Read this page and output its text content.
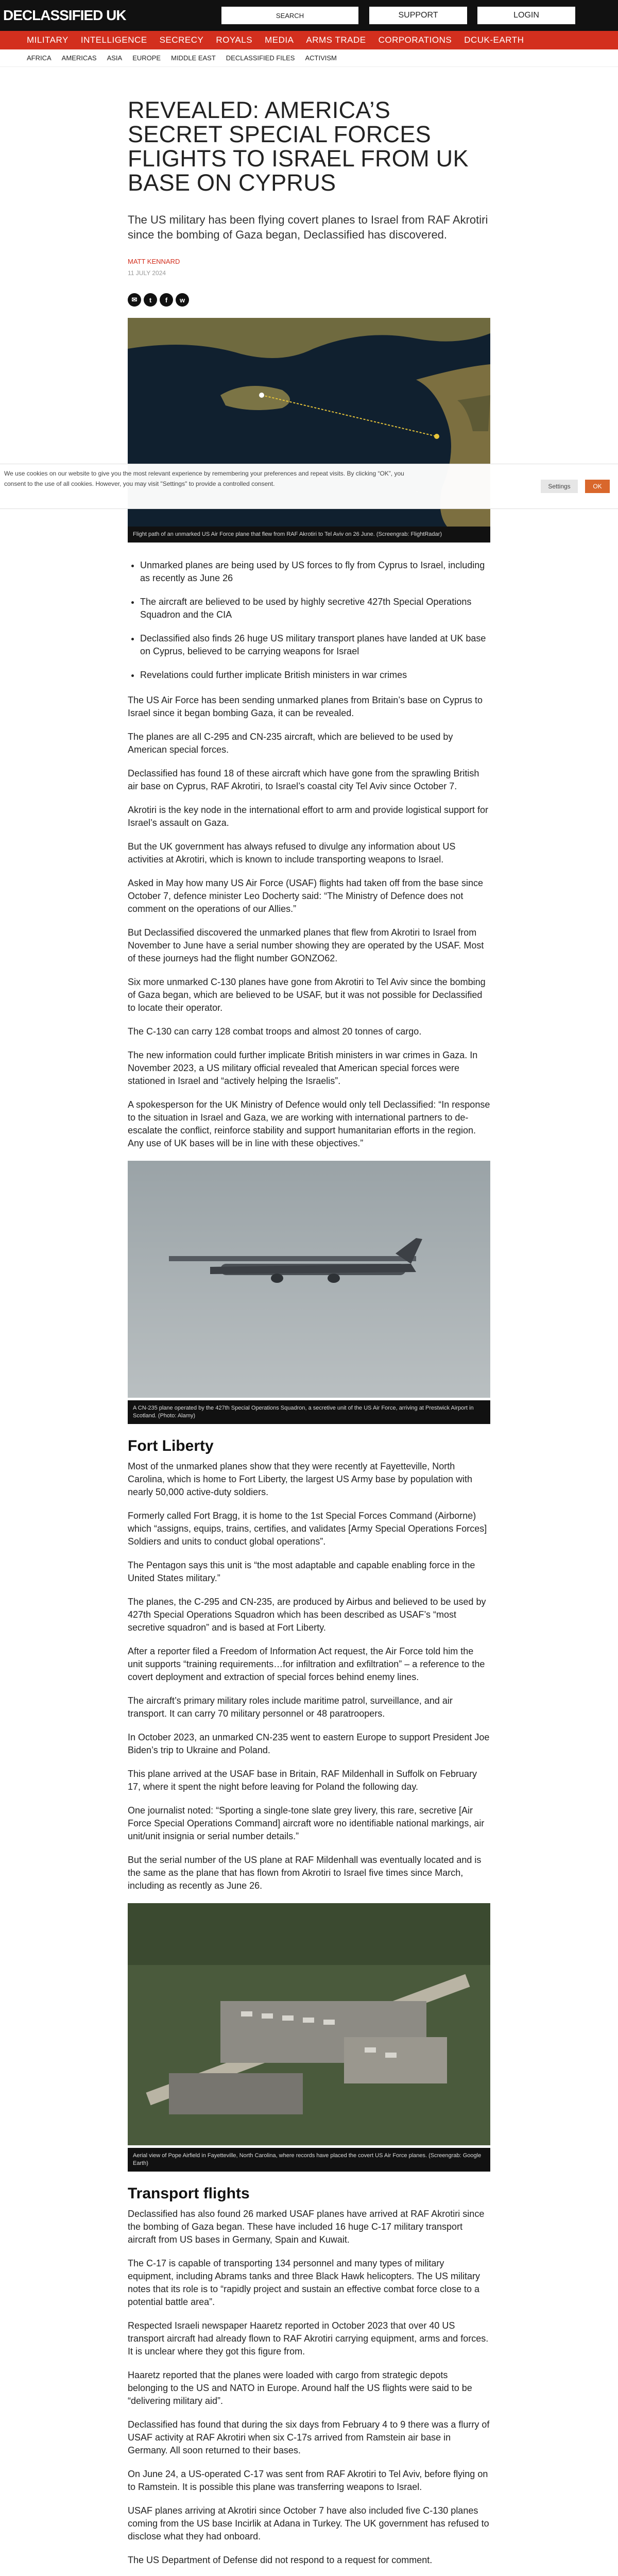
DECLASSIFIED UK	SEARCH	SUPPORT	LOGIN
MILITARY INTELLIGENCE SECRECY ROYALS MEDIA ARMS TRADE CORPORATIONS DCUK-EARTH
AFRICA AMERICAS ASIA EUROPE MIDDLE EAST DECLASSIFIED FILES ACTIVISM
REVEALED: AMERICA’S SECRET SPECIAL FORCES FLIGHTS TO ISRAEL FROM UK BASE ON CYPRUS
The US military has been flying covert planes to Israel from RAF Akrotiri since the bombing of Gaza began, Declassified has discovered.
MATT KENNARD
11 JULY 2024
✉	t	f	w
Flight path of an unmarked US Air Force plane that flew from RAF Akrotiri to Tel Aviv on 26 June. (Screengrab: FlightRadar)
• Unmarked planes are being used by US forces to fly from Cyprus to Israel, including as recently as June 26
• The aircraft are believed to be used by highly secretive 427th Special Operations Squadron and the CIA
• Declassified also finds 26 huge US military transport planes have landed at UK base on Cyprus, believed to be carrying weapons for Israel
• Revelations could further implicate British ministers in war crimes

The US Air Force has been sending unmarked planes from Britain’s base on Cyprus to Israel since it began bombing Gaza, it can be revealed.

The planes are all C-295 and CN-235 aircraft, which are believed to be used by American special forces.

Declassified has found 18 of these aircraft which have gone from the sprawling British air base on Cyprus, RAF Akrotiri, to Israel’s coastal city Tel Aviv since October 7.

Akrotiri is the key node in the international effort to arm and provide logistical support for Israel’s assault on Gaza.

But the UK government has always refused to divulge any information about US activities at Akrotiri, which is known to include transporting weapons to Israel.

Asked in May how many US Air Force (USAF) flights had taken off from the base since October 7, defence minister Leo Docherty said: “The Ministry of Defence does not comment on the operations of our Allies.”

But Declassified discovered the unmarked planes that flew from Akrotiri to Israel from November to June have a serial number showing they are operated by the USAF. Most of these journeys had the flight number GONZO62.

Six more unmarked C-130 planes have gone from Akrotiri to Tel Aviv since the bombing of Gaza began, which are believed to be USAF, but it was not possible for Declassified to locate their operator.

The C-130 can carry 128 combat troops and almost 20 tonnes of cargo.

The new information could further implicate British ministers in war crimes in Gaza. In November 2023, a US military official revealed that American special forces were stationed in Israel and “actively helping the Israelis”.

A spokesperson for the UK Ministry of Defence would only tell Declassified: “In response to the situation in Israel and Gaza, we are working with international partners to de-escalate the conflict, reinforce stability and support humanitarian efforts in the region. Any use of UK bases will be in line with these objectives.”

A CN-235 plane operated by the 427th Special Operations Squadron, a secretive unit of the US Air Force, arriving at Prestwick Airport in Scotland. (Photo: Alamy)
Fort Liberty

Most of the unmarked planes show that they were recently at Fayetteville, North Carolina, which is home to Fort Liberty, the largest US Army base by population with nearly 50,000 active-duty soldiers.

Formerly called Fort Bragg, it is home to the 1st Special Forces Command (Airborne) which “assigns, equips, trains, certifies, and validates [Army Special Operations Forces] Soldiers and units to conduct global operations”.

The Pentagon says this unit is “the most adaptable and capable enabling force in the United States military.”

The planes, the C-295 and CN-235, are produced by Airbus and believed to be used by 427th Special Operations Squadron which has been described as USAF’s “most secretive squadron” and is based at Fort Liberty.

After a reporter filed a Freedom of Information Act request, the Air Force told him the unit supports “training requirements…for infiltration and exfiltration” – a reference to the covert deployment and extraction of special forces behind enemy lines.

The aircraft’s primary military roles include maritime patrol, surveillance, and air transport. It can carry 70 military personnel or 48 paratroopers.

In October 2023, an unmarked CN-235 went to eastern Europe to support President Joe Biden’s trip to Ukraine and Poland.

This plane arrived at the USAF base in Britain, RAF Mildenhall in Suffolk on February 17, where it spent the night before leaving for Poland the following day.

One journalist noted: “Sporting a single-tone slate grey livery, this rare, secretive [Air Force Special Operations Command] aircraft wore no identifiable national markings, air unit/unit insignia or serial number details.”

But the serial number of the US plane at RAF Mildenhall was eventually located and is the same as the plane that has flown from Akrotiri to Israel five times since March, including as recently as June 26.

Aerial view of Pope Airfield in Fayetteville, North Carolina, where records have placed the covert US Air Force planes. (Screengrab: Google Earth)
Transport flights

Declassified has also found 26 marked USAF planes have arrived at RAF Akrotiri since the bombing of Gaza began. These have included 16 huge C-17 military transport aircraft from US bases in Germany, Spain and Kuwait.

The C-17 is capable of transporting 134 personnel and many types of military equipment, including Abrams tanks and three Black Hawk helicopters. The US military notes that its role is to “rapidly project and sustain an effective combat force close to a potential battle area”.

Respected Israeli newspaper Haaretz reported in October 2023 that over 40 US transport aircraft had already flown to RAF Akrotiri carrying equipment, arms and forces. It is unclear where they got this figure from.

Haaretz reported that the planes were loaded with cargo from strategic depots belonging to the US and NATO in Europe. Around half the US flights were said to be “delivering military aid”.

Declassified has found that during the six days from February 4 to 9 there was a flurry of USAF activity at RAF Akrotiri when six C-17s arrived from Ramstein air base in Germany. All soon returned to their bases.

On June 24, a US-operated C-17 was sent from RAF Akrotiri to Tel Aviv, before flying on to Ramstein. It is possible this plane was transferring weapons to Israel.

USAF planes arriving at Akrotiri since October 7 have also included five C-130 planes coming from the US base Incirlik at Adana in Turkey. The UK government has refused to disclose what they had onboard.

The US Department of Defense did not respond to a request for comment.

We use cookies on our website to give you the most relevant experience by remembering your preferences and repeat visits. By clicking “OK”, you consent to the use of all cookies. However, you may visit "Settings" to provide a controlled consent.	Settings	OK
